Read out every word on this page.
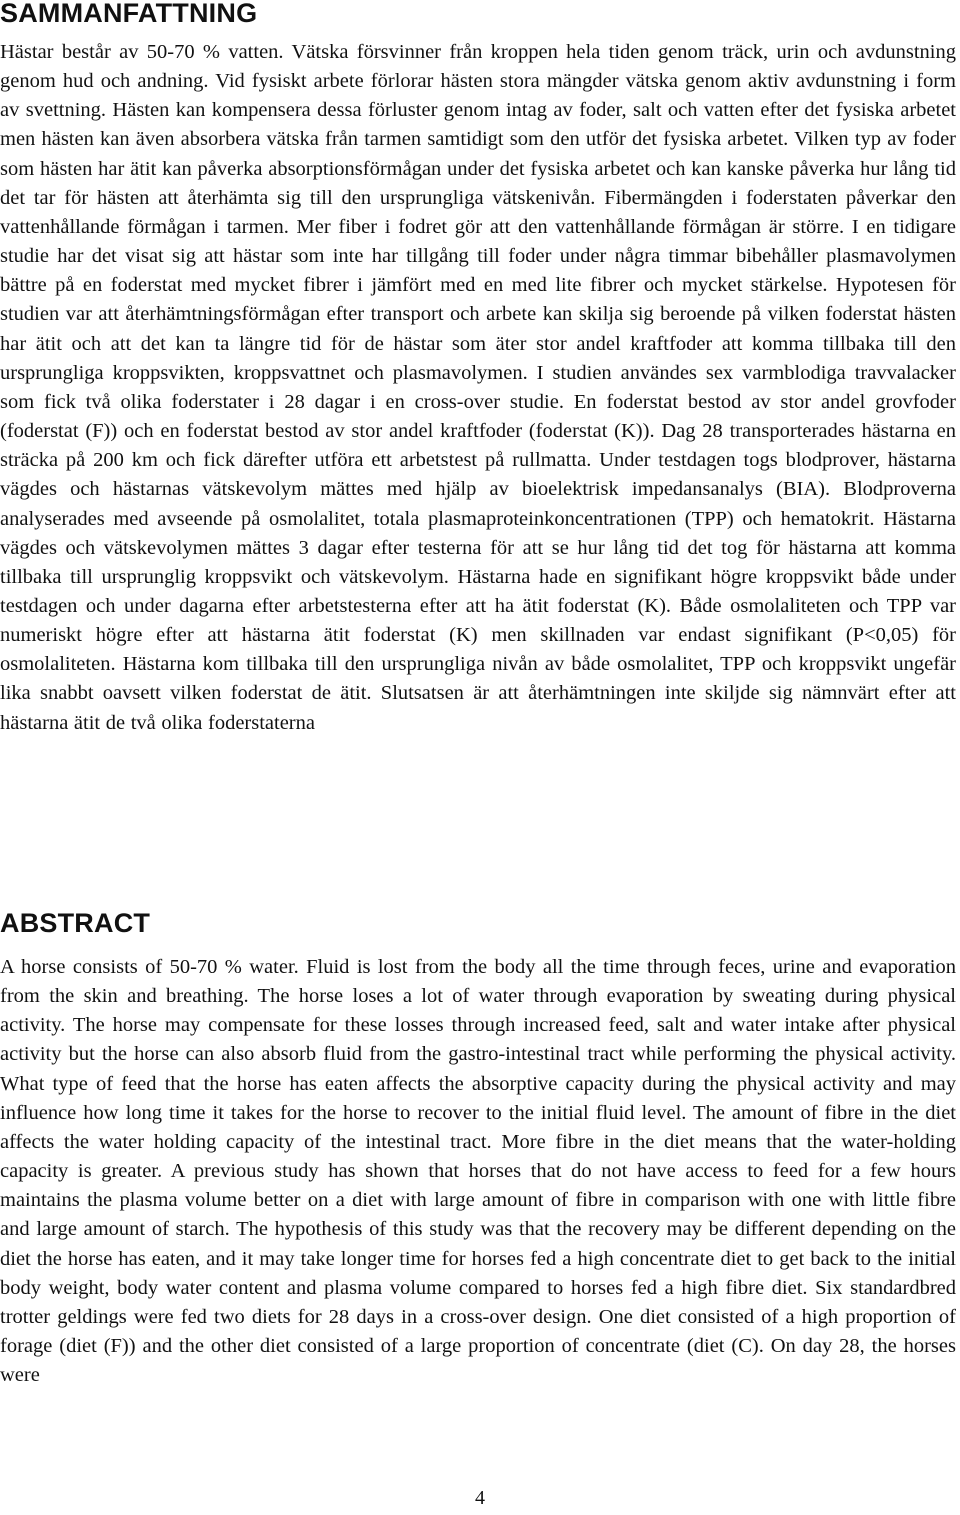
SAMMANFATTNING

Hästar består av 50-70 % vatten. Vätska försvinner från kroppen hela tiden genom träck, urin och avdunstning genom hud och andning. Vid fysiskt arbete förlorar hästen stora mängder vätska genom aktiv avdunstning i form av svettning. Hästen kan kompensera dessa förluster genom intag av foder, salt och vatten efter det fysiska arbetet men hästen kan även absorbera vätska från tarmen samtidigt som den utför det fysiska arbetet. Vilken typ av foder som hästen har ätit kan påverka absorptionsförmågan under det fysiska arbetet och kan kanske påverka hur lång tid det tar för hästen att återhämta sig till den ursprungliga vätskenivån. Fibermängden i foderstaten påverkar den vattenhållande förmågan i tarmen. Mer fiber i fodret gör att den vattenhållande förmågan är större. I en tidigare studie har det visat sig att hästar som inte har tillgång till foder under några timmar bibehåller plasmavolymen bättre på en foderstat med mycket fibrer i jämfört med en med lite fibrer och mycket stärkelse. Hypotesen för studien var att återhämtningsförmågan efter transport och arbete kan skilja sig beroende på vilken foderstat hästen har ätit och att det kan ta längre tid för de hästar som äter stor andel kraftfoder att komma tillbaka till den ursprungliga kroppsvikten, kroppsvattnet och plasmavolymen. I studien användes sex varmblodiga travvalacker som fick två olika foderstater i 28 dagar i en cross-over studie. En foderstat bestod av stor andel grovfoder (foderstat (F)) och en foderstat bestod av stor andel kraftfoder (foderstat (K)). Dag 28 transporterades hästarna en sträcka på 200 km och fick därefter utföra ett arbetstest på rullmatta. Under testdagen togs blodprover, hästarna vägdes och hästarnas vätskevolym mättes med hjälp av bioelektrisk impedansanalys (BIA). Blodproverna analyserades med avseende på osmolalitet, totala plasmaproteinkoncentrationen (TPP) och hematokrit. Hästarna vägdes och vätskevolymen mättes 3 dagar efter testerna för att se hur lång tid det tog för hästarna att komma tillbaka till ursprunglig kroppsvikt och vätskevolym. Hästarna hade en signifikant högre kroppsvikt både under testdagen och under dagarna efter arbetstesterna efter att ha ätit foderstat (K). Både osmolaliteten och TPP var numeriskt högre efter att hästarna ätit foderstat (K) men skillnaden var endast signifikant (P<0,05) för osmolaliteten. Hästarna kom tillbaka till den ursprungliga nivån av både osmolalitet, TPP och kroppsvikt ungefär lika snabbt oavsett vilken foderstat de ätit. Slutsatsen är att återhämtningen inte skiljde sig nämnvärt efter att hästarna ätit de två olika foderstaterna

ABSTRACT

A horse consists of 50-70 % water. Fluid is lost from the body all the time through feces, urine and evaporation from the skin and breathing. The horse loses a lot of water through evaporation by sweating during physical activity. The horse may compensate for these losses through increased feed, salt and water intake after physical activity but the horse can also absorb fluid from the gastro-intestinal tract while performing the physical activity. What type of feed that the horse has eaten affects the absorptive capacity during the physical activity and may influence how long time it takes for the horse to recover to the initial fluid level. The amount of fibre in the diet affects the water holding capacity of the intestinal tract. More fibre in the diet means that the water-holding capacity is greater. A previous study has shown that horses that do not have access to feed for a few hours maintains the plasma volume better on a diet with large amount of fibre in comparison with one with little fibre and large amount of starch. The hypothesis of this study was that the recovery may be different depending on the diet the horse has eaten, and it may take longer time for horses fed a high concentrate diet to get back to the initial body weight, body water content and plasma volume compared to horses fed a high fibre diet. Six standardbred trotter geldings were fed two diets for 28 days in a cross-over design. One diet consisted of a high proportion of forage (diet (F)) and the other diet consisted of a large proportion of concentrate (diet (C). On day 28, the horses were

4
